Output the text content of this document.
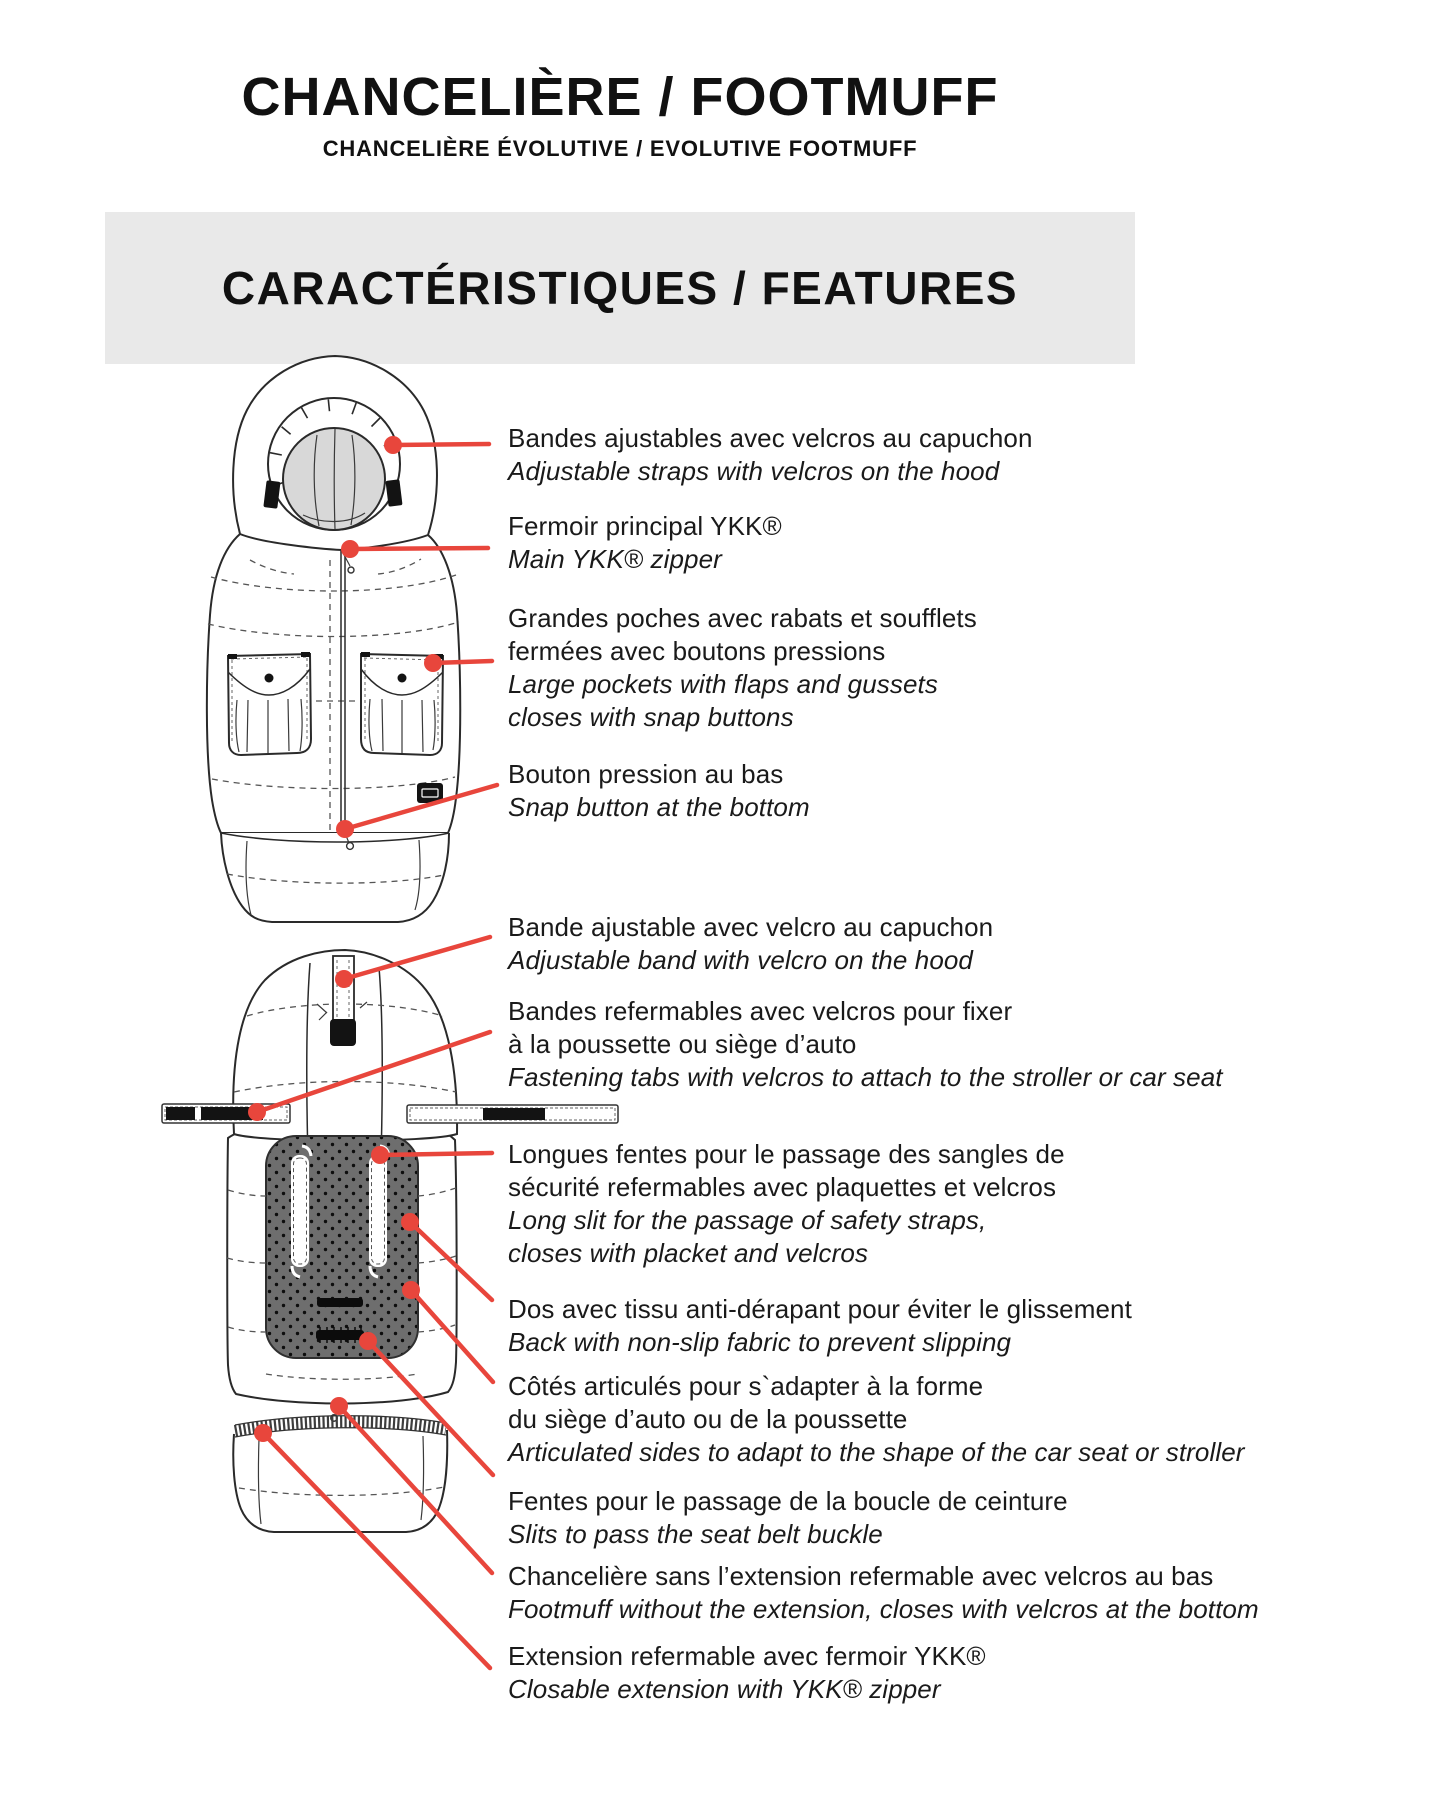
CHANCELIÈRE / FOOTMUFF
CHANCELIÈRE ÉVOLUTIVE / EVOLUTIVE FOOTMUFF
CARACTÉRISTIQUES / FEATURES
Bandes ajustables avec velcros au capuchon
Adjustable straps with velcros on the hood
Fermoir principal YKK®
Main YKK® zipper
Grandes poches avec rabats et soufflets
fermées avec boutons pressions
Large pockets with flaps and gussets
closes with snap buttons
Bouton pression au bas
Snap button at the bottom
Bande ajustable avec velcro au capuchon
Adjustable band with velcro on the hood
Bandes refermables avec velcros pour fixer
à la poussette ou siège d’auto
Fastening tabs with velcros to attach to the stroller or car seat
Longues fentes pour le passage des sangles de
sécurité refermables avec plaquettes et velcros
Long slit for the passage of safety straps,
closes with placket and velcros
Dos avec tissu anti-dérapant pour éviter le glissement
Back with non-slip fabric to prevent slipping
Côtés articulés pour s`adapter à la forme
du siège d’auto ou de la poussette
Articulated sides to adapt to the shape of the car seat or stroller
Fentes pour le passage de la boucle de ceinture
Slits to pass the seat belt buckle
Chancelière sans l’extension refermable avec velcros au bas
Footmuff without the extension, closes with velcros at the bottom
Extension refermable avec fermoir YKK®
Closable extension with YKK® zipper
